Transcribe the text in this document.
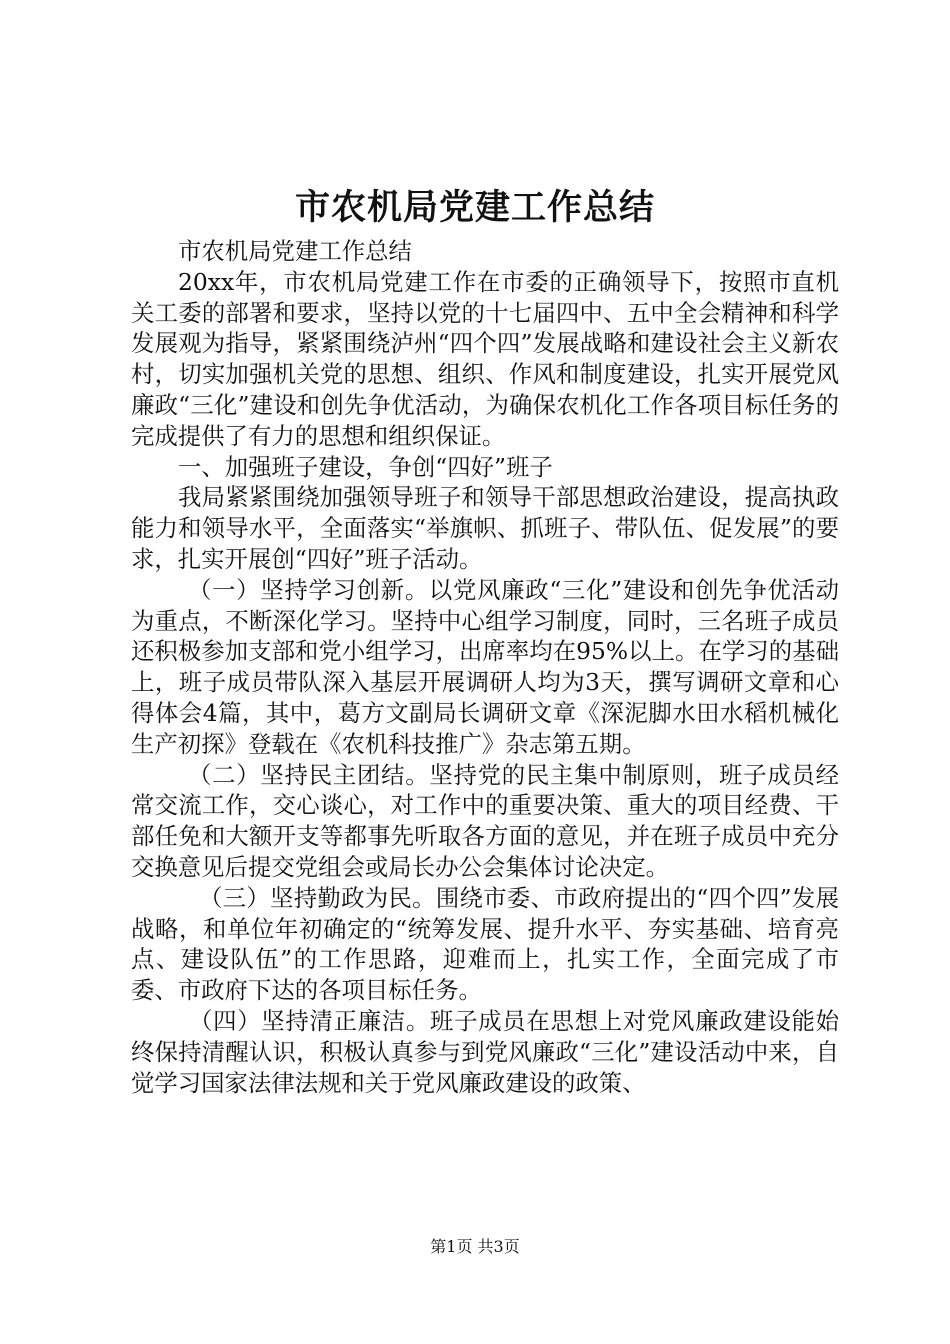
市农机局党建工作总结

市农机局党建工作总结

20xx年，市农机局党建工作在市委的正确领导下，按照市直机关工委的部署和要求，坚持以党的十七届四中、五中全会精神和科学发展观为指导，紧紧围绕泸州“四个四”发展战略和建设社会主义新农村，切实加强机关党的思想、组织、作风和制度建设，扎实开展党风廉政“三化”建设和创先争优活动，为确保农机化工作各项目标任务的完成提供了有力的思想和组织保证。

一、加强班子建设，争创“四好”班子

我局紧紧围绕加强领导班子和领导干部思想政治建设，提高执政能力和领导水平，全面落实“举旗帜、抓班子、带队伍、促发展”的要求，扎实开展创“四好”班子活动。

（一）坚持学习创新。以党风廉政“三化”建设和创先争优活动为重点，不断深化学习。坚持中心组学习制度，同时，三名班子成员还积极参加支部和党小组学习，出席率均在95%以上。在学习的基础上，班子成员带队深入基层开展调研人均为3天，撰写调研文章和心得体会4篇，其中，葛方文副局长调研文章《深泥脚水田水稻机械化生产初探》登载在《农机科技推广》杂志第五期。

（二）坚持民主团结。坚持党的民主集中制原则，班子成员经常交流工作，交心谈心，对工作中的重要决策、重大的项目经费、干部任免和大额开支等都事先听取各方面的意见，并在班子成员中充分交换意见后提交党组会或局长办公会集体讨论决定。

（三）坚持勤政为民。围绕市委、市政府提出的“四个四”发展战略，和单位年初确定的“统筹发展、提升水平、夯实基础、培育亮点、建设队伍”的工作思路，迎难而上，扎实工作，全面完成了市委、市政府下达的各项目标任务。

（四）坚持清正廉洁。班子成员在思想上对党风廉政建设能始终保持清醒认识，积极认真参与到党风廉政“三化”建设活动中来，自觉学习国家法律法规和关于党风廉政建设的政策、

第1页 共3页
